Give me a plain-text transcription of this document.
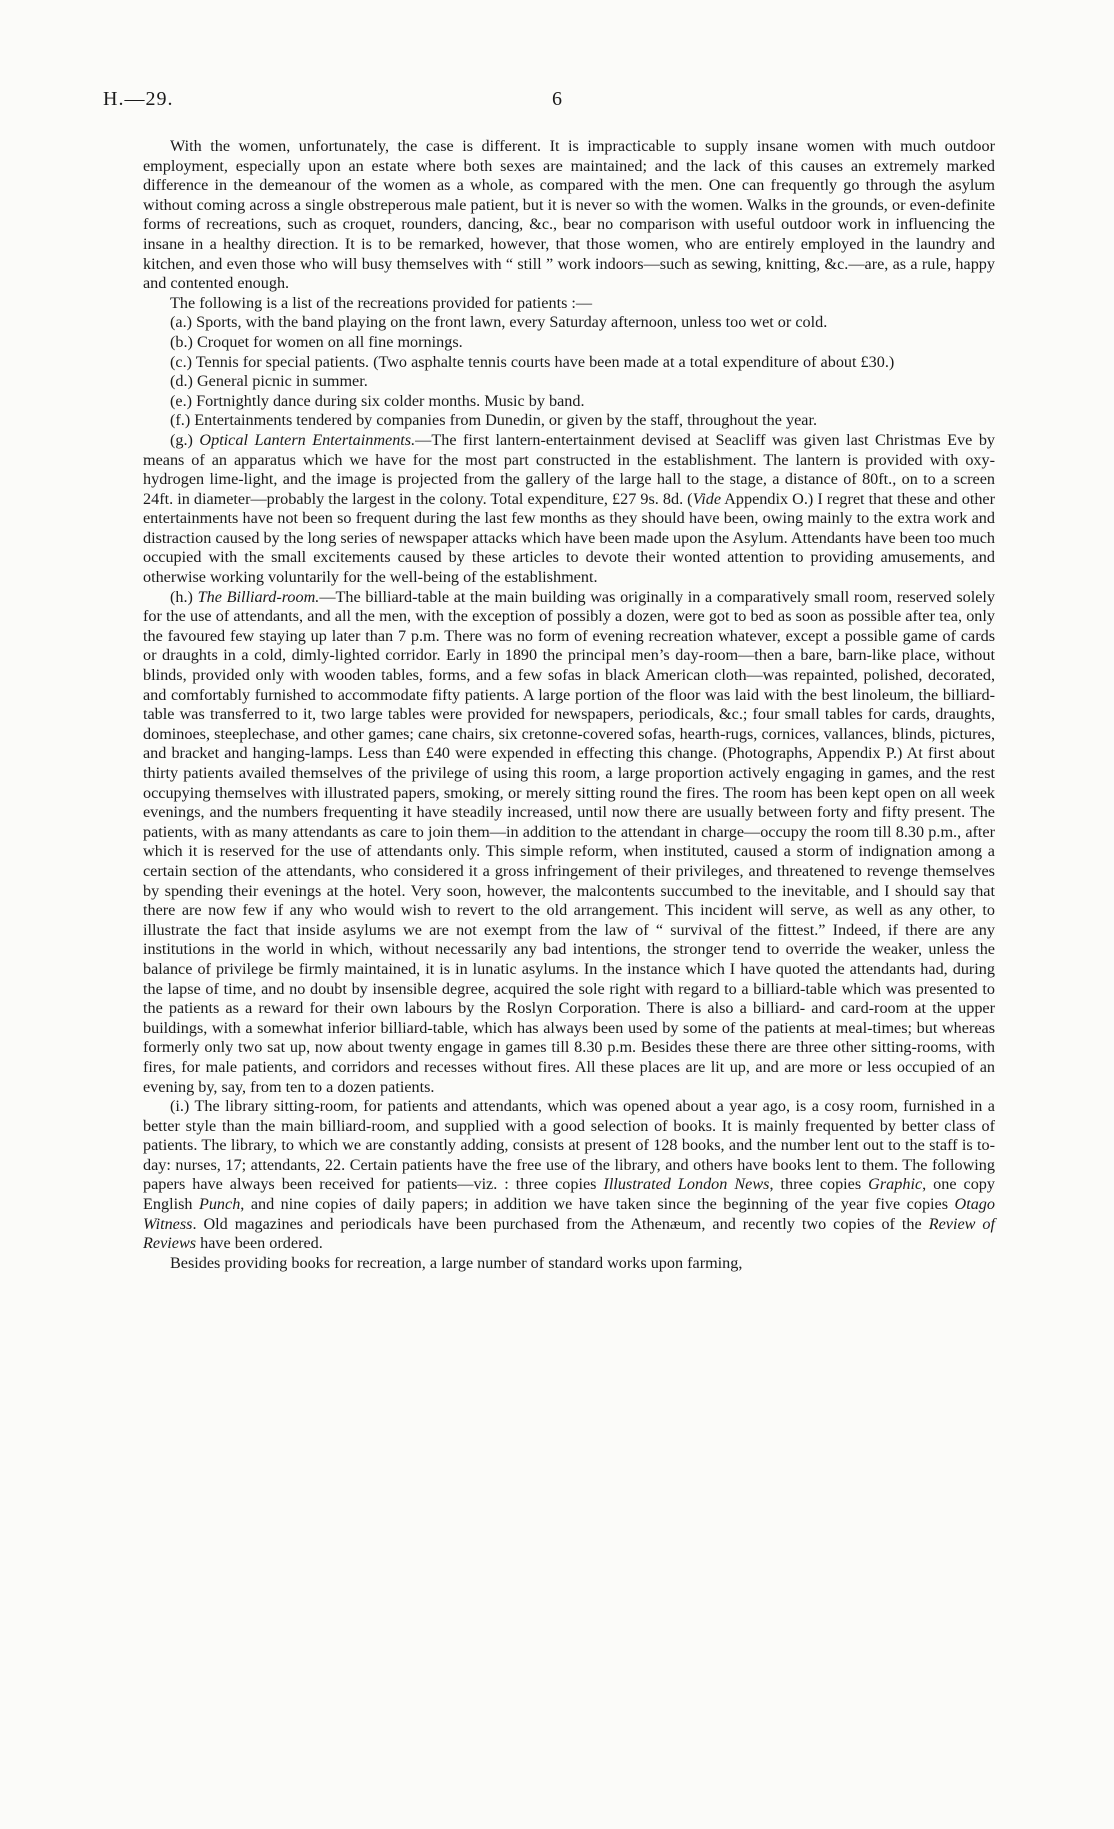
H.—29.	6

With the women, unfortunately, the case is different. It is impracticable to supply insane women with much outdoor employment, especially upon an estate where both sexes are maintained; and the lack of this causes an extremely marked difference in the demeanour of the women as a whole, as compared with the men. One can frequently go through the asylum without coming across a single obstreperous male patient, but it is never so with the women. Walks in the grounds, or even-definite forms of recreations, such as croquet, rounders, dancing, &c., bear no comparison with useful outdoor work in influencing the insane in a healthy direction. It is to be remarked, however, that those women, who are entirely employed in the laundry and kitchen, and even those who will busy themselves with “ still ” work indoors—such as sewing, knitting, &c.—are, as a rule, happy and contented enough.

The following is a list of the recreations provided for patients :—

(a.) Sports, with the band playing on the front lawn, every Saturday afternoon, unless too wet or cold.

(b.) Croquet for women on all fine mornings.

(c.) Tennis for special patients. (Two asphalte tennis courts have been made at a total expenditure of about £30.)

(d.) General picnic in summer.

(e.) Fortnightly dance during six colder months. Music by band.

(f.) Entertainments tendered by companies from Dunedin, or given by the staff, throughout the year.

(g.) Optical Lantern Entertainments.—The first lantern-entertainment devised at Seacliff was given last Christmas Eve by means of an apparatus which we have for the most part constructed in the establishment. The lantern is provided with oxy-hydrogen lime-light, and the image is projected from the gallery of the large hall to the stage, a distance of 80ft., on to a screen 24ft. in diameter—probably the largest in the colony. Total expenditure, £27 9s. 8d. (Vide Appendix O.) I regret that these and other entertainments have not been so frequent during the last few months as they should have been, owing mainly to the extra work and distraction caused by the long series of newspaper attacks which have been made upon the Asylum. Attendants have been too much occupied with the small excitements caused by these articles to devote their wonted attention to providing amusements, and otherwise working voluntarily for the well-being of the establishment.

(h.) The Billiard-room.—The billiard-table at the main building was originally in a comparatively small room, reserved solely for the use of attendants, and all the men, with the exception of possibly a dozen, were got to bed as soon as possible after tea, only the favoured few staying up later than 7 p.m. There was no form of evening recreation whatever, except a possible game of cards or draughts in a cold, dimly-lighted corridor. Early in 1890 the principal men’s day-room—then a bare, barn-like place, without blinds, provided only with wooden tables, forms, and a few sofas in black American cloth—was repainted, polished, decorated, and comfortably furnished to accommodate fifty patients. A large portion of the floor was laid with the best linoleum, the billiard-table was transferred to it, two large tables were provided for newspapers, periodicals, &c.; four small tables for cards, draughts, dominoes, steeplechase, and other games; cane chairs, six cretonne-covered sofas, hearth-rugs, cornices, vallances, blinds, pictures, and bracket and hanging-lamps. Less than £40 were expended in effecting this change. (Photographs, Appendix P.) At first about thirty patients availed themselves of the privilege of using this room, a large proportion actively engaging in games, and the rest occupying themselves with illustrated papers, smoking, or merely sitting round the fires. The room has been kept open on all week evenings, and the numbers frequenting it have steadily increased, until now there are usually between forty and fifty present. The patients, with as many attendants as care to join them—in addition to the attendant in charge—occupy the room till 8.30 p.m., after which it is reserved for the use of attendants only. This simple reform, when instituted, caused a storm of indignation among a certain section of the attendants, who considered it a gross infringement of their privileges, and threatened to revenge themselves by spending their evenings at the hotel. Very soon, however, the malcontents succumbed to the inevitable, and I should say that there are now few if any who would wish to revert to the old arrangement. This incident will serve, as well as any other, to illustrate the fact that inside asylums we are not exempt from the law of “ survival of the fittest.” Indeed, if there are any institutions in the world in which, without necessarily any bad intentions, the stronger tend to override the weaker, unless the balance of privilege be firmly maintained, it is in lunatic asylums. In the instance which I have quoted the attendants had, during the lapse of time, and no doubt by insensible degree, acquired the sole right with regard to a billiard-table which was presented to the patients as a reward for their own labours by the Roslyn Corporation. There is also a billiard- and card-room at the upper buildings, with a somewhat inferior billiard-table, which has always been used by some of the patients at meal-times; but whereas formerly only two sat up, now about twenty engage in games till 8.30 p.m. Besides these there are three other sitting-rooms, with fires, for male patients, and corridors and recesses without fires. All these places are lit up, and are more or less occupied of an evening by, say, from ten to a dozen patients.

(i.) The library sitting-room, for patients and attendants, which was opened about a year ago, is a cosy room, furnished in a better style than the main billiard-room, and supplied with a good selection of books. It is mainly frequented by better class of patients. The library, to which we are constantly adding, consists at present of 128 books, and the number lent out to the staff is to-day: nurses, 17; attendants, 22. Certain patients have the free use of the library, and others have books lent to them. The following papers have always been received for patients—viz. : three copies Illustrated London News, three copies Graphic, one copy English Punch, and nine copies of daily papers; in addition we have taken since the beginning of the year five copies Otago Witness. Old magazines and periodicals have been purchased from the Athenæum, and recently two copies of the Review of Reviews have been ordered.

Besides providing books for recreation, a large number of standard works upon farming,
